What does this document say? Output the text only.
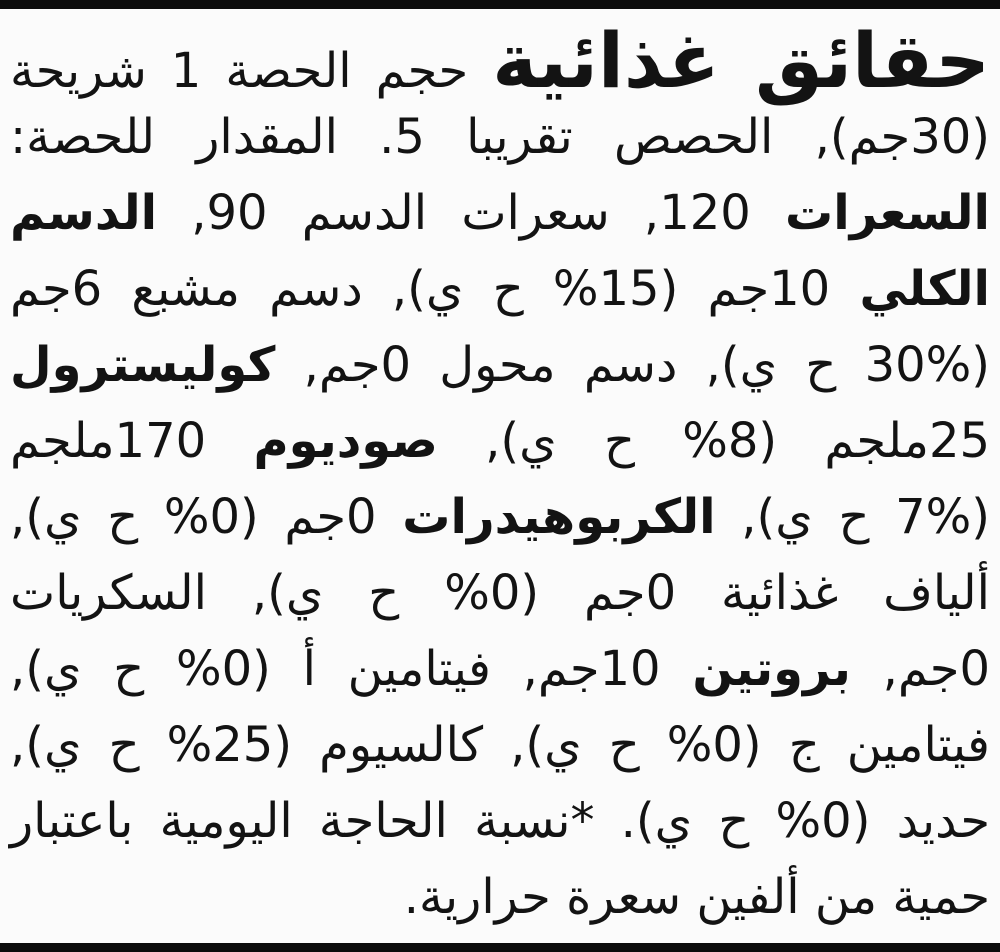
حقائق غذائية حجم الحصة 1 شريحة
(30جم), الحصص تقريبا 5. المقدار للحصة:
السعرات 120, سعرات الدسم 90, الدسم
الكلي 10جم (15% ح ي), دسم مشبع 6جم
(30% ح ي), دسم محول 0جم, كوليسترول
25ملجم (8% ح ي), صوديوم 170ملجم
(7% ح ي), الكربوهيدرات 0جم (0% ح ي),
ألياف غذائية 0جم (0% ح ي), السكريات
0جم, بروتين 10جم, فيتامين أ (0% ح ي),
فيتامين ج (0% ح ي), كالسيوم (25% ح ي),
حديد (0% ح ي). *نسبة الحاجة اليومية باعتبار
حمية من ألفين سعرة حرارية.
